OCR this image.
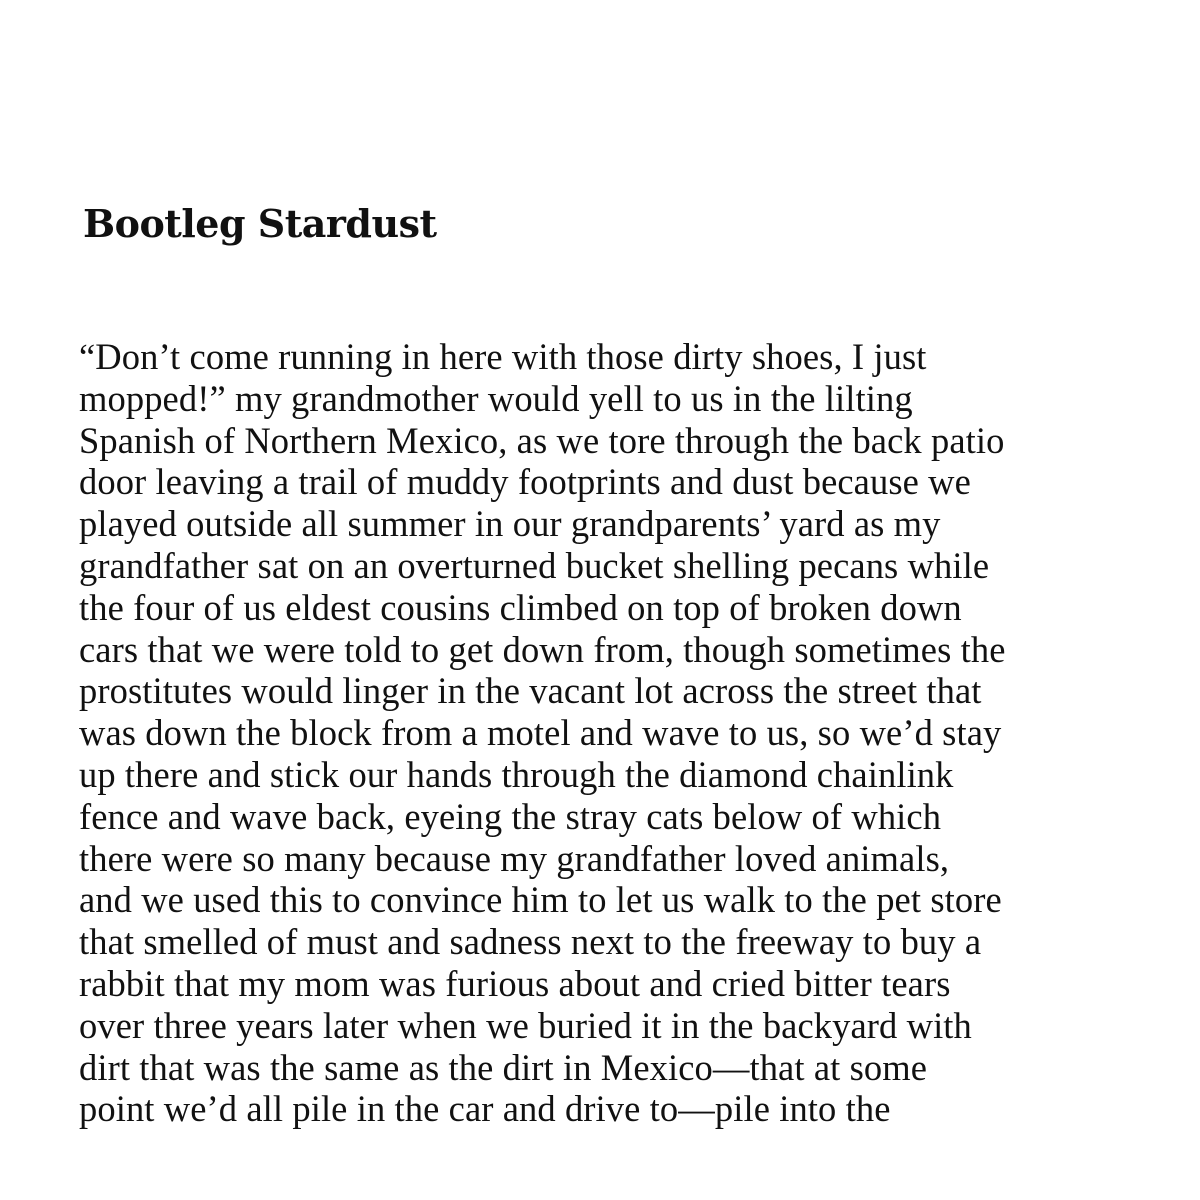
Bootleg Stardust
“Don’t come running in here with those dirty shoes, I just
mopped!” my grandmother would yell to us in the lilting
Spanish of Northern Mexico, as we tore through the back patio
door leaving a trail of muddy footprints and dust because we
played outside all summer in our grandparents’ yard as my
grandfather sat on an overturned bucket shelling pecans while
the four of us eldest cousins climbed on top of broken down
cars that we were told to get down from, though sometimes the
prostitutes would linger in the vacant lot across the street that
was down the block from a motel and wave to us, so we’d stay
up there and stick our hands through the diamond chainlink
fence and wave back, eyeing the stray cats below of which
there were so many because my grandfather loved animals,
and we used this to convince him to let us walk to the pet store
that smelled of must and sadness next to the freeway to buy a
rabbit that my mom was furious about and cried bitter tears
over three years later when we buried it in the backyard with
dirt that was the same as the dirt in Mexico—that at some
point we’d all pile in the car and drive to—pile into the
